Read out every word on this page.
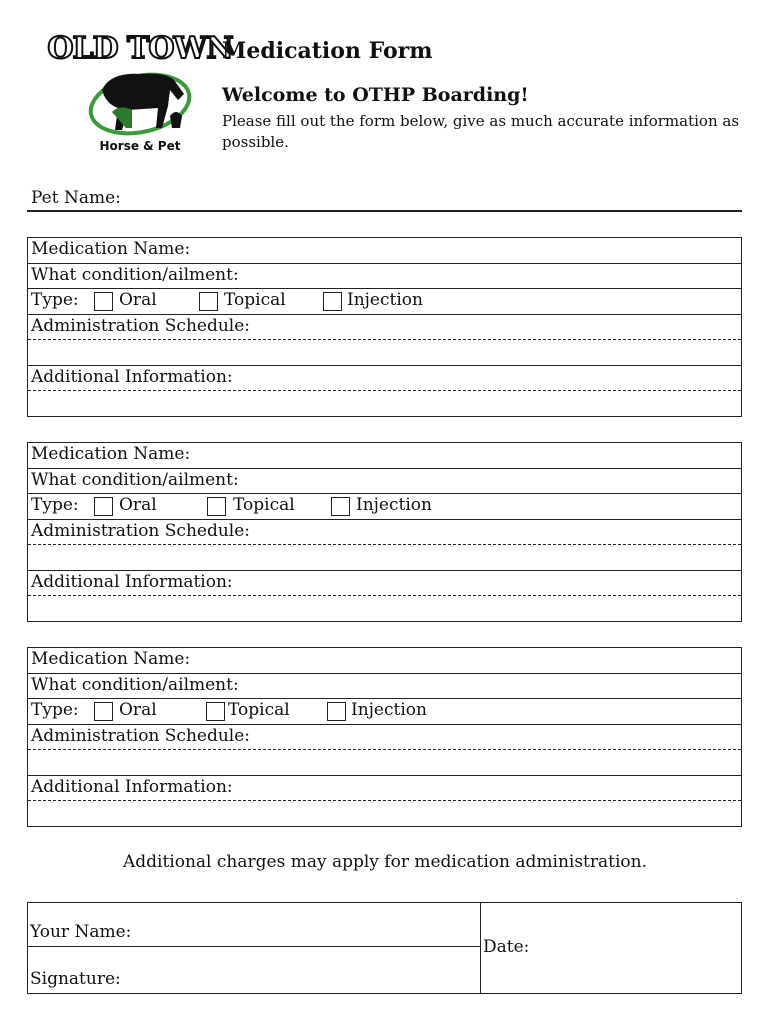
OLD TOWN
Horse & Pet
Medication Form
Welcome to OTHP Boarding!
Please fill out the form below, give as much accurate information as possible.
Pet Name:
Medication Name:
What condition/ailment:
Type: Oral	Topical	Injection
Administration Schedule:
Additional Information:
Medication Name:
What condition/ailment:
Type: Oral	Topical	Injection
Administration Schedule:
Additional Information:
Medication Name:
What condition/ailment:
Type: Oral	Topical	Injection
Administration Schedule:
Additional Information:
Additional charges may apply for medication administration.
Your Name:
Signature:
Date:
